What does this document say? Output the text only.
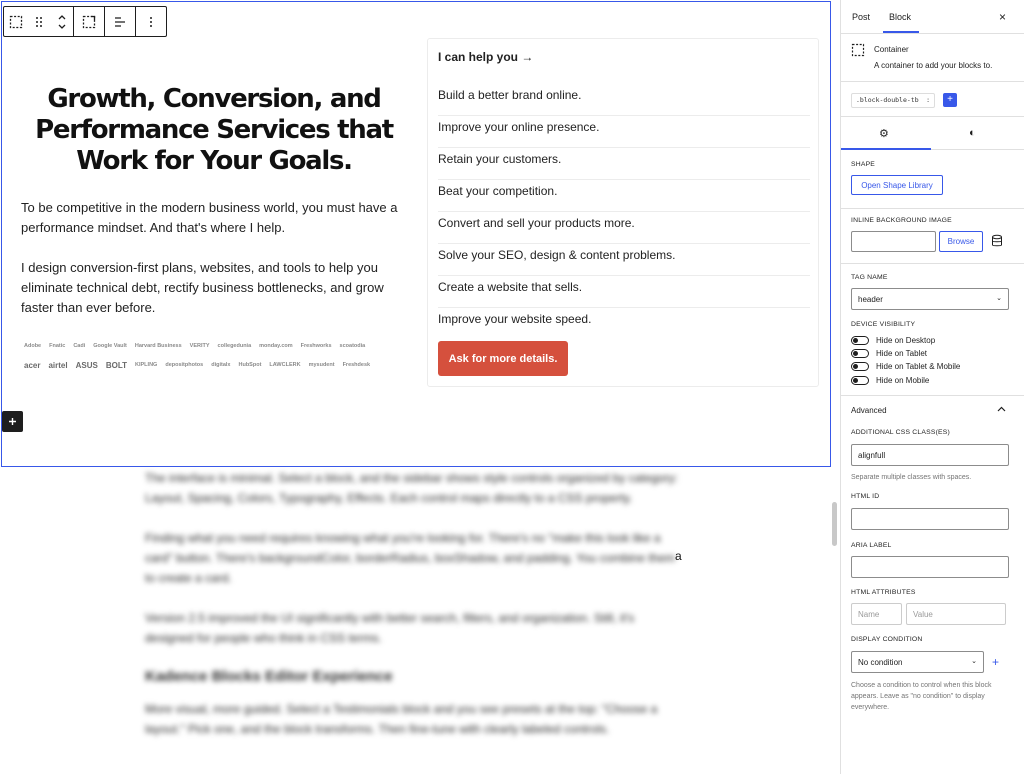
Growth, Conversion, and Performance Services that Work for Your Goals.

To be competitive in the modern business world, you must have a performance mindset. And that's where I help.

I design conversion-first plans, websites, and tools to help you eliminate technical debt, rectify business bottlenecks, and grow faster than ever before.

Adobe Fnatic Cadi Google Vault Harvard Business VERITY collegedunia monday.com Freshworks scoatodia
acer airtel ASUS BOLT KIPLING depositphotos digitalx HubSpot LAWCLERK mysudent Freshdesk
I can help you →
Build a better brand online.
Improve your online presence.
Retain your customers.
Beat your competition.
Convert and sell your products more.
Solve your SEO, design & content problems.
Create a website that sells.
Improve your website speed.
Ask for more details.

The interface is minimal. Select a block, and the sidebar shows style controls organized by category: Layout, Spacing, Colors, Typography, Effects. Each control maps directly to a CSS property.

Finding what you need requires knowing what you're looking for. There's no "make this look like a card" button. There's backgroundColor, borderRadius, boxShadow, and padding. You combine them to create a card.

Version 2.5 improved the UI significantly with better search, filters, and organization. Still, it's designed for people who think in CSS terms.

Kadence Blocks Editor Experience

More visual, more guided. Select a Testimonials block and you see presets at the top: "Choose a layout." Pick one, and the block transforms. Then fine-tune with clearly labeled controls.

a
Post Block	×
Container
A container to add your blocks to.
.block-double-tb :	+
⚙	◐
SHAPE
Open Shape Library
INLINE BACKGROUND IMAGE
Browse
TAG NAME
header	⌄
DEVICE VISIBILITY
Hide on Desktop
Hide on Tablet
Hide on Tablet & Mobile
Hide on Mobile
Advanced
ADDITIONAL CSS CLASS(ES)
alignfull
Separate multiple classes with spaces.
HTML ID
ARIA LABEL
HTML ATTRIBUTES
Name	Value
DISPLAY CONDITION
No condition	⌄ +
Choose a condition to control when this block appears. Leave as "no condition" to display everywhere.
